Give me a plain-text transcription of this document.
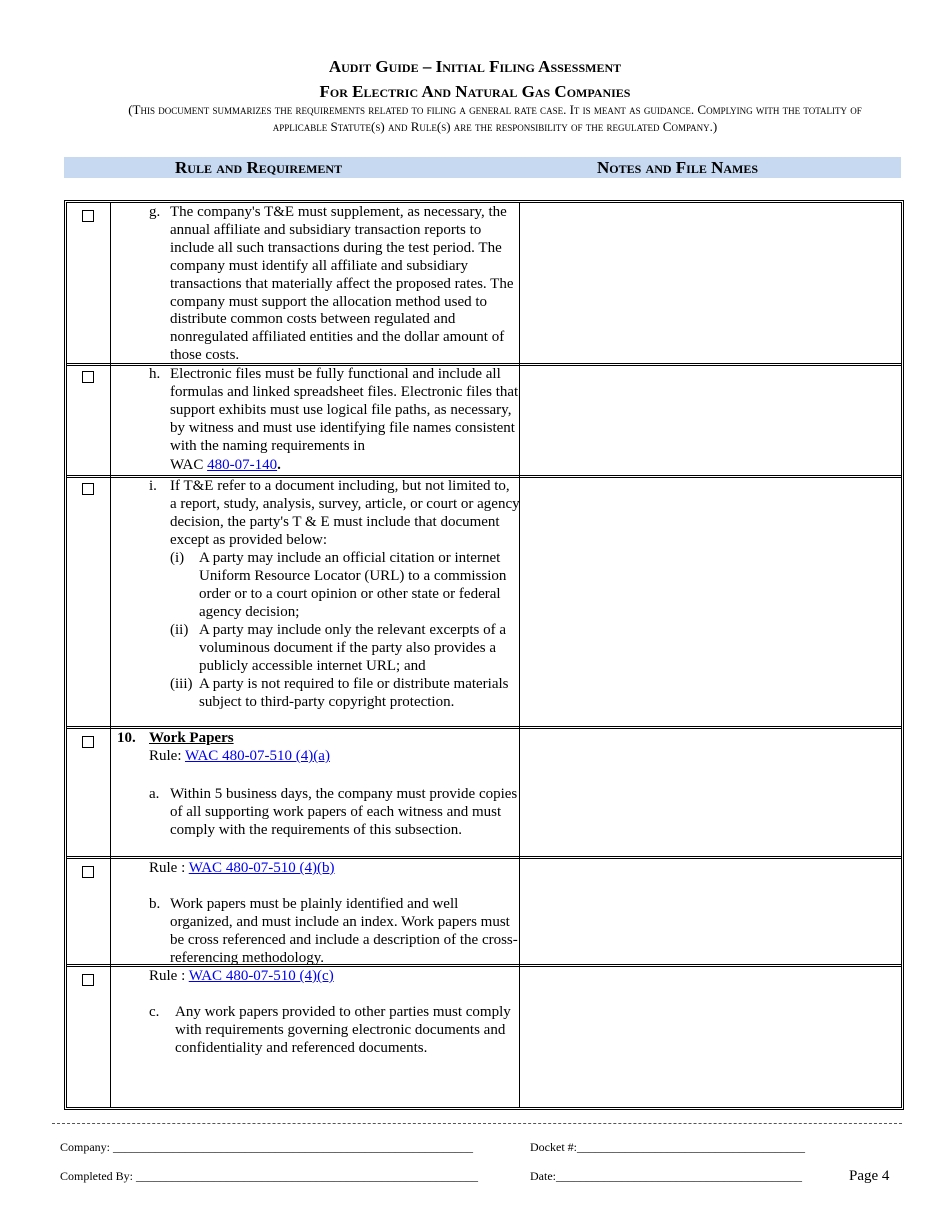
Audit Guide – Initial Filing Assessment
For Electric And Natural Gas Companies
(This document summarizes the requirements related to filing a general rate case. It is meant as guidance. Complying with the totality of applicable Statute(s) and Rule(s) are the responsibility of the regulated Company.)
Rule and Requirement	Notes and File Names
g. The company's T&E must supplement, as necessary, the annual affiliate and subsidiary transaction reports to include all such transactions during the test period. The company must identify all affiliate and subsidiary transactions that materially affect the proposed rates. The company must support the allocation method used to distribute common costs between regulated and nonregulated affiliated entities and the dollar amount of those costs.
h. Electronic files must be fully functional and include all formulas and linked spreadsheet files. Electronic files that support exhibits must use logical file paths, as necessary, by witness and must use identifying file names consistent with the naming requirements in
WAC 480-07-140.
i. If T&E refer to a document including, but not limited to, a report, study, analysis, survey, article, or court or agency decision, the party's T & E must include that document except as provided below:
(i) A party may include an official citation or internet Uniform Resource Locator (URL) to a commission order or to a court opinion or other state or federal agency decision;
(ii) A party may include only the relevant excerpts of a voluminous document if the party also provides a publicly accessible internet URL; and
(iii) A party is not required to file or distribute materials subject to third-party copyright protection.
10. Work Papers
Rule: WAC 480-07-510 (4)(a)
a. Within 5 business days, the company must provide copies of all supporting work papers of each witness and must comply with the requirements of this subsection.
Rule : WAC 480-07-510 (4)(b)
b. Work papers must be plainly identified and well organized, and must include an index. Work papers must be cross referenced and include a description of the cross-referencing methodology.
Rule : WAC 480-07-510 (4)(c)
c. Any work papers provided to other parties must comply with requirements governing electronic documents and confidentiality and referenced documents.
Company: ____________________________________________________________	Docket #:______________________________________
Completed By: _________________________________________________________	Date:_________________________________________	Page 4
